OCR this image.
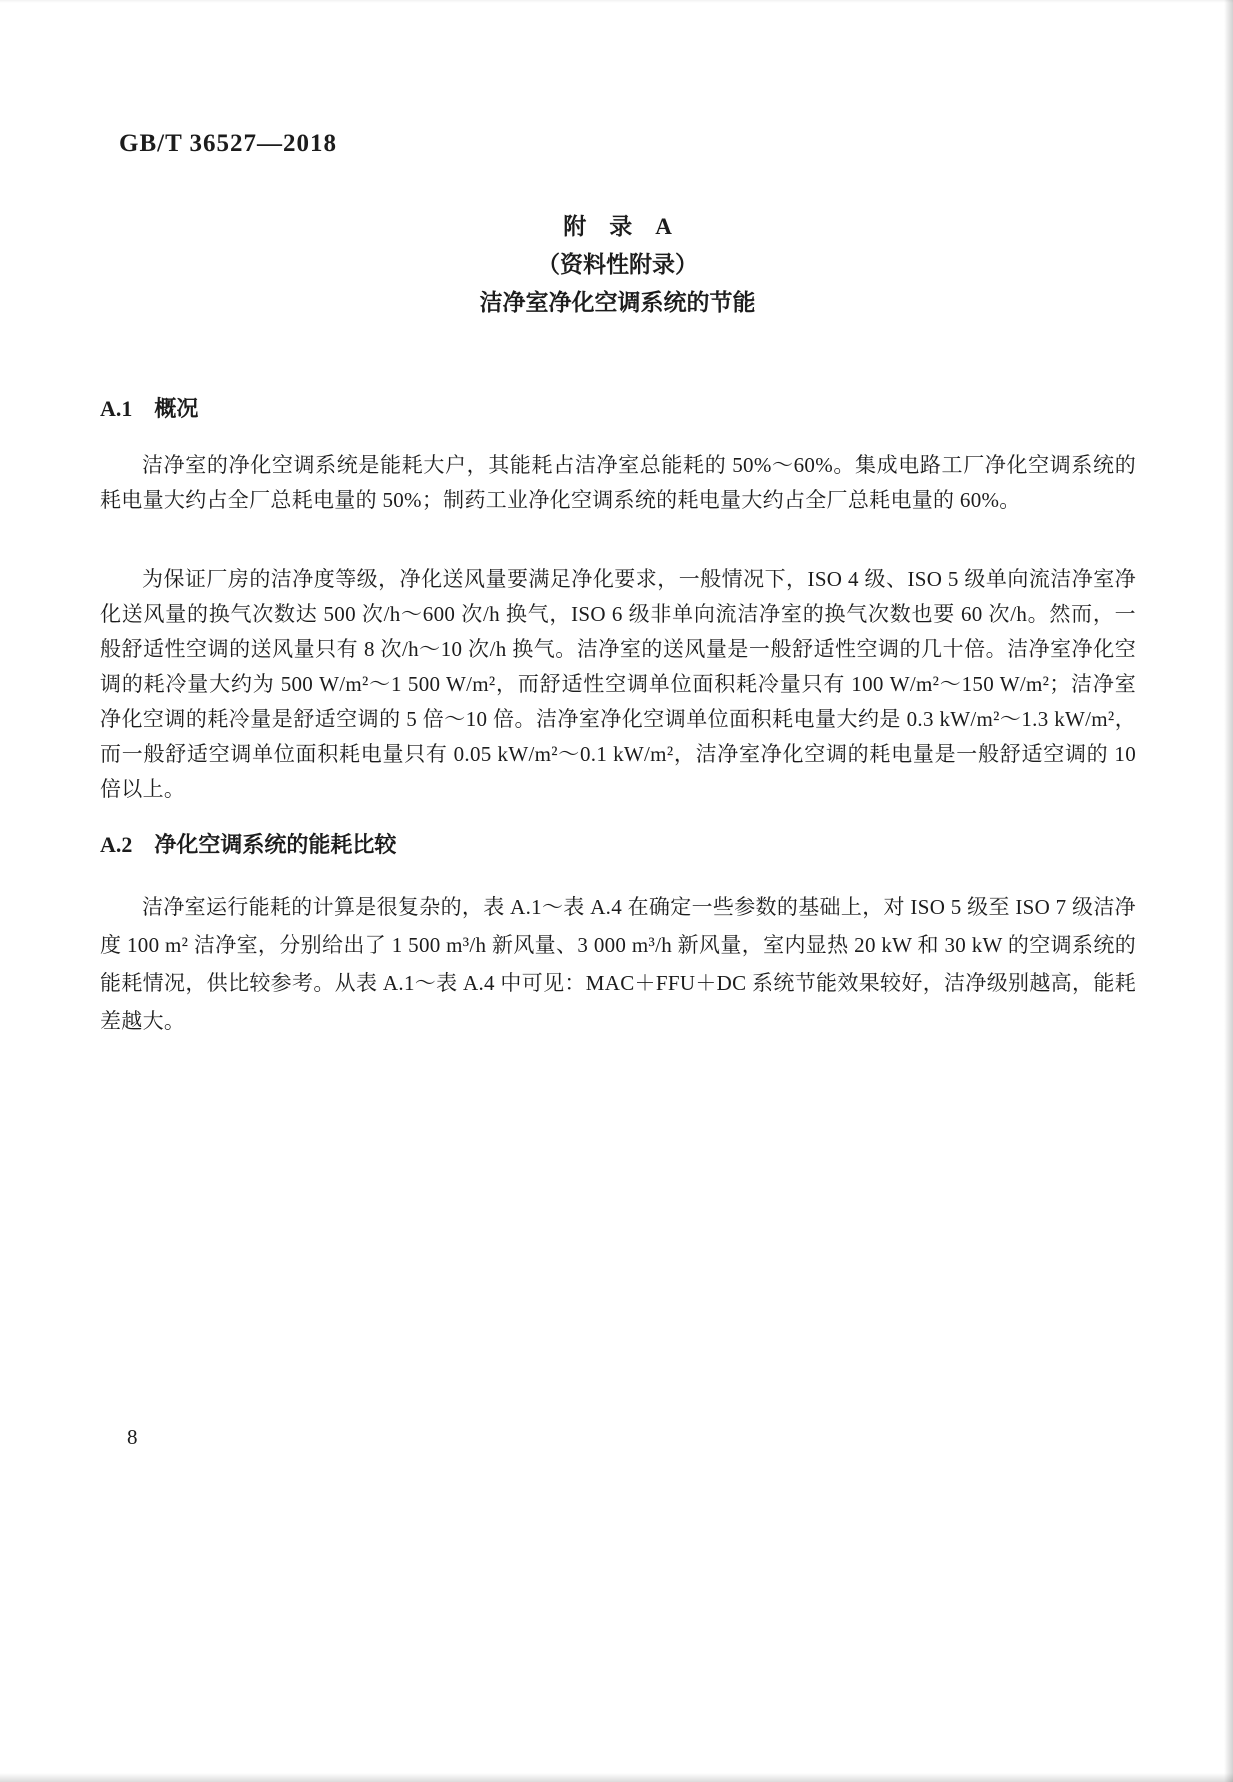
GB/T 36527—2018
附　录　A
（资料性附录）
洁净室净化空调系统的节能
A.1　概况

洁净室的净化空调系统是能耗大户，其能耗占洁净室总能耗的 50%～60%。集成电路工厂净化空调系统的耗电量大约占全厂总耗电量的 50%；制药工业净化空调系统的耗电量大约占全厂总耗电量的 60%。

为保证厂房的洁净度等级，净化送风量要满足净化要求，一般情况下，ISO 4 级、ISO 5 级单向流洁净室净化送风量的换气次数达 500 次/h～600 次/h 换气，ISO 6 级非单向流洁净室的换气次数也要 60 次/h。然而，一般舒适性空调的送风量只有 8 次/h～10 次/h 换气。洁净室的送风量是一般舒适性空调的几十倍。洁净室净化空调的耗冷量大约为 500 W/m²～1 500 W/m²，而舒适性空调单位面积耗冷量只有 100 W/m²～150 W/m²；洁净室净化空调的耗冷量是舒适空调的 5 倍～10 倍。洁净室净化空调单位面积耗电量大约是 0.3 kW/m²～1.3 kW/m²，而一般舒适空调单位面积耗电量只有 0.05 kW/m²～0.1 kW/m²，洁净室净化空调的耗电量是一般舒适空调的 10 倍以上。

A.2　净化空调系统的能耗比较

洁净室运行能耗的计算是很复杂的，表 A.1～表 A.4 在确定一些参数的基础上，对 ISO 5 级至 ISO 7 级洁净度 100 m² 洁净室，分别给出了 1 500 m³/h 新风量、3 000 m³/h 新风量，室内显热 20 kW 和 30 kW 的空调系统的能耗情况，供比较参考。从表 A.1～表 A.4 中可见：MAC＋FFU＋DC 系统节能效果较好，洁净级别越高，能耗差越大。

8
